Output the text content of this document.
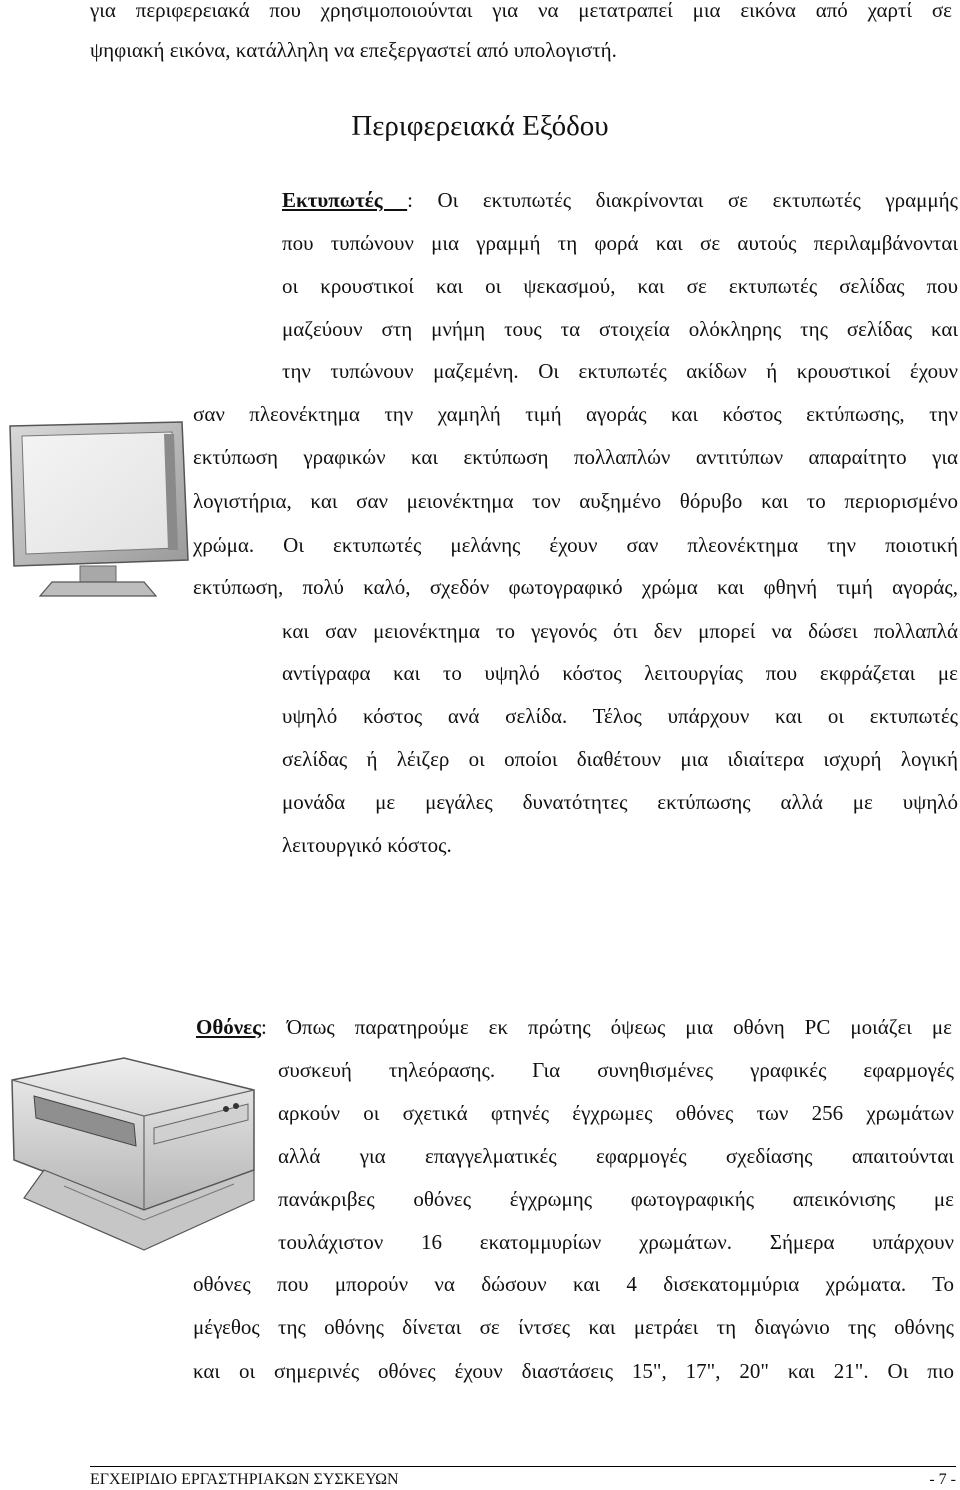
για περιφερειακά που χρησιμοποιούνται για να μετατραπεί μια εικόνα από χαρτί σε
ψηφιακή εικόνα, κατάλληλη να επεξεργαστεί από υπολογιστή.
Περιφερειακά Εξόδου
Εκτυπωτές : Οι εκτυπωτές διακρίνονται σε εκτυπωτές γραμμής
που τυπώνουν μια γραμμή τη φορά και σε αυτούς περιλαμβάνονται
οι κρουστικοί και οι ψεκασμού, και σε εκτυπωτές σελίδας που
μαζεύουν στη μνήμη τους τα στοιχεία ολόκληρης της σελίδας και
την τυπώνουν μαζεμένη. Οι εκτυπωτές ακίδων ή κρουστικοί έχουν
σαν πλεονέκτημα την χαμηλή τιμή αγοράς και κόστος εκτύπωσης, την
εκτύπωση γραφικών και εκτύπωση πολλαπλών αντιτύπων απαραίτητο για
λογιστήρια, και σαν μειονέκτημα τον αυξημένο θόρυβο και το περιορισμένο
χρώμα. Οι εκτυπωτές μελάνης έχουν σαν πλεονέκτημα την ποιοτική
εκτύπωση, πολύ καλό, σχεδόν φωτογραφικό χρώμα και φθηνή τιμή αγοράς,
και σαν μειονέκτημα το γεγονός ότι δεν μπορεί να δώσει πολλαπλά
αντίγραφα και το υψηλό κόστος λειτουργίας που εκφράζεται με
υψηλό κόστος ανά σελίδα. Τέλος υπάρχουν και οι εκτυπωτές
σελίδας ή λέιζερ οι οποίοι διαθέτουν μια ιδιαίτερα ισχυρή λογική
μονάδα με μεγάλες δυνατότητες εκτύπωσης αλλά με υψηλό
λειτουργικό κόστος.
Οθόνες: Όπως παρατηρούμε εκ πρώτης όψεως μια οθόνη PC μοιάζει με
συσκευή τηλεόρασης. Για συνηθισμένες γραφικές εφαρμογές
αρκούν οι σχετικά φτηνές έγχρωμες οθόνες των 256 χρωμάτων
αλλά για επαγγελματικές εφαρμογές σχεδίασης απαιτούνται
πανάκριβες οθόνες έγχρωμης φωτογραφικής απεικόνισης με
τουλάχιστον 16 εκατομμυρίων χρωμάτων. Σήμερα υπάρχουν
οθόνες που μπορούν να δώσουν και 4 δισεκατομμύρια χρώματα. Το
μέγεθος της οθόνης δίνεται σε ίντσες και μετράει τη διαγώνιο της οθόνης
και οι σημερινές οθόνες έχουν διαστάσεις 15", 17", 20" και 21". Οι πιο
ΕΓΧΕΙΡΙΔΙΟ ΕΡΓΑΣΤΗΡΙΑΚΩΝ ΣΥΣΚΕΥΩΝ	- 7 -
